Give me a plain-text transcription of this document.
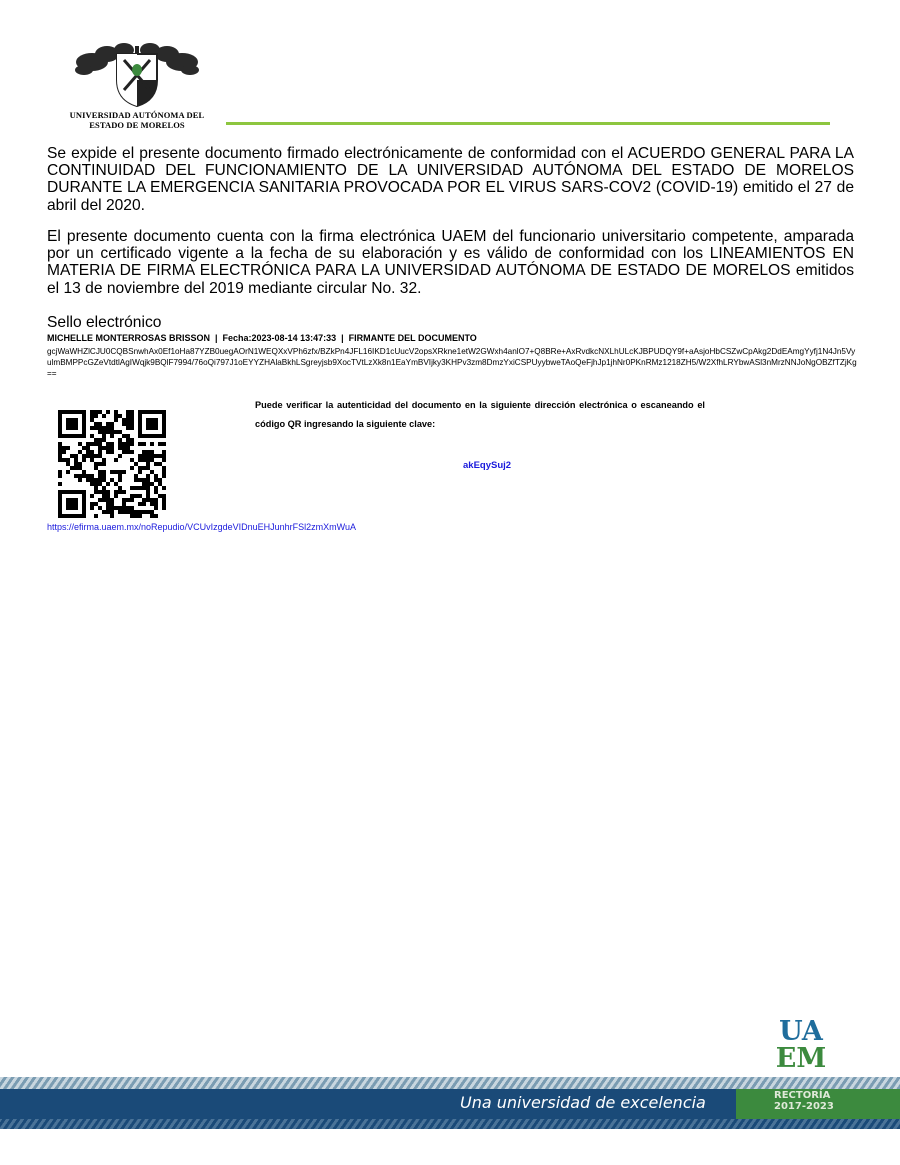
UNIVERSIDAD AUTÓNOMA DEL
ESTADO DE MORELOS
Se expide el presente documento firmado electrónicamente de conformidad con el ACUERDO GENERAL PARA LA CONTINUIDAD DEL FUNCIONAMIENTO DE LA UNIVERSIDAD AUTÓNOMA DEL ESTADO DE MORELOS DURANTE LA EMERGENCIA SANITARIA PROVOCADA POR EL VIRUS SARS-COV2 (COVID-19) emitido el 27 de abril del 2020.
El presente documento cuenta con la firma electrónica UAEM del funcionario universitario competente, amparada por un certificado vigente a la fecha de su elaboración y es válido de conformidad con los LINEAMIENTOS EN MATERIA DE FIRMA ELECTRÓNICA PARA LA UNIVERSIDAD AUTÓNOMA DE ESTADO DE MORELOS emitidos el 13 de noviembre del 2019 mediante circular No. 32.
Sello electrónico
MICHELLE MONTERROSAS BRISSON  |  Fecha:2023-08-14 13:47:33  |  FIRMANTE DEL DOCUMENTO
gcjWaWHZlCJU0CQBSnwhAx0Ef1oHa87YZB0uegAOrN1WEQXxVPh6zfx/BZkPn4JFL16IKD1cUucV2opsXRkne1etW2GWxh4anlO7+Q8BRe+AxRvdkcNXLhULcKJBPUDQY9f+aAsjoHbCSZwCpAkg2DdEAmgYyfj1N4Jn5VyulmBMPPcGZeVtdtlAgIWqjk9BQlF7994/76oQi797J1oEYYZHAlaBkhLSgreyjsb9XocTVtLzXk8n1EaYmBVIjky3KHPv3zm8DmzYxiCSPUyybweTAoQeFjhJp1jhNr0PKnRMz1218ZH5/W2XfhLRYbwASl3nMrzNNJoNgOBZfTZjKg==
Puede verificar la autenticidad del documento en la siguiente dirección electrónica o escaneando el código QR ingresando la siguiente clave:
akEqySuj2
https://efirma.uaem.mx/noRepudio/VCUvIzgdeVIDnuEHJunhrFSl2zmXmWuA
UA
EM
Una universidad de excelencia	RECTORÍA
2017-2023
